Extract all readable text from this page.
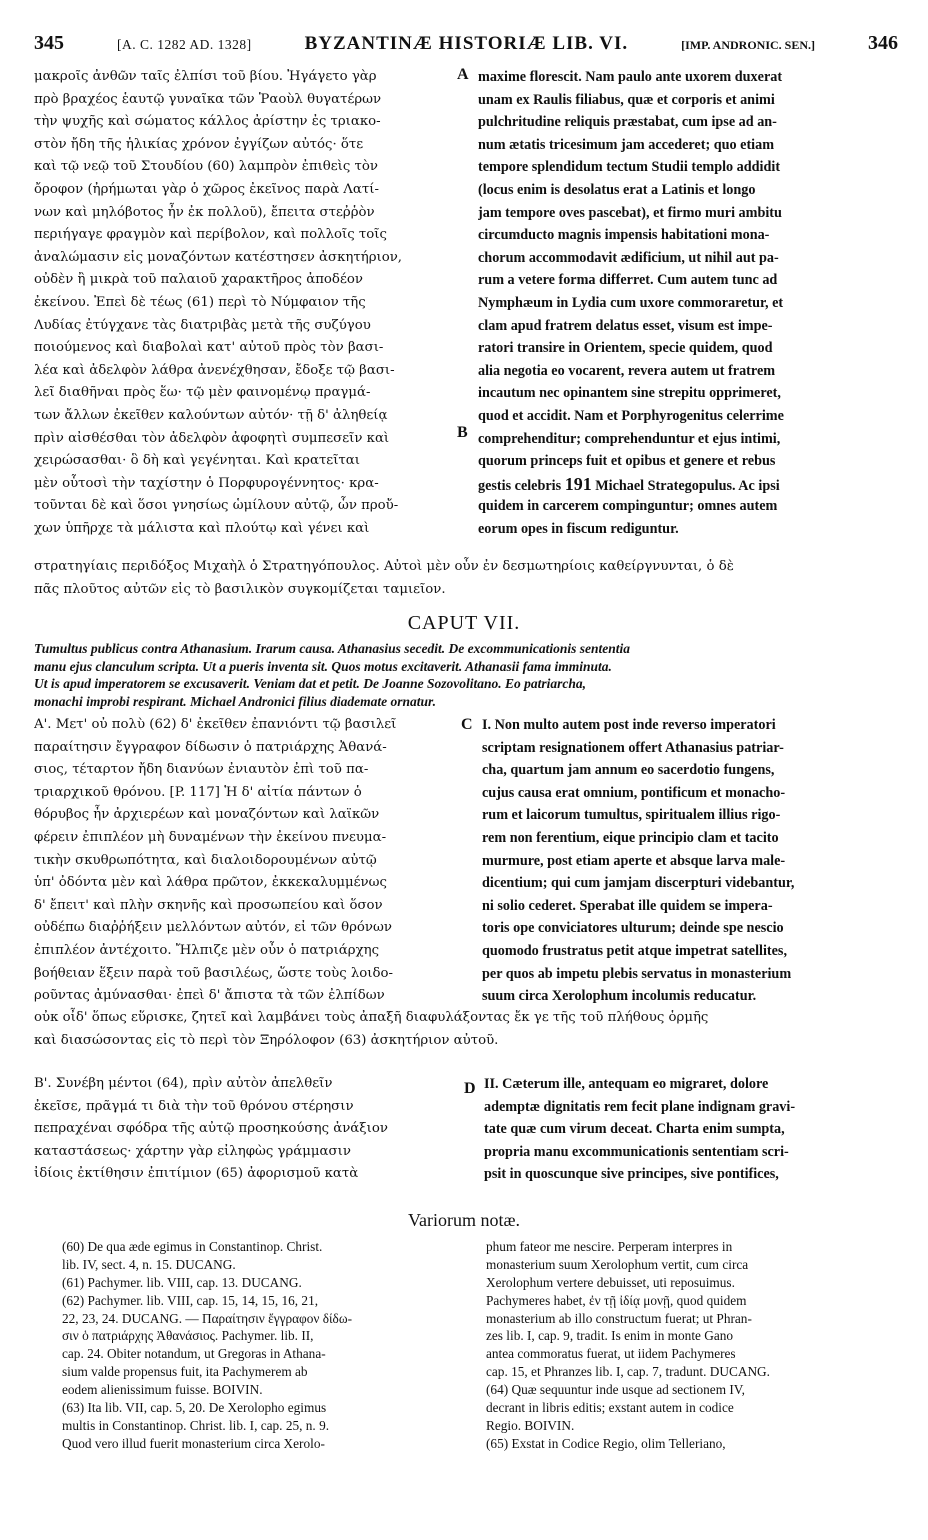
345	[A. C. 1282 AD. 1328]	BYZANTINÆ HISTORIÆ LIB. VI.	[IMP. ANDRONIC. SEN.]	346
μακροῖς ἀνθῶν ταῖς ἐλπίσι τοῦ βίου. Ἠγάγετο γὰρ
πρὸ βραχέος ἑαυτῷ γυναῖκα τῶν Ῥαοὺλ θυγατέρων
τὴν ψυχῆς καὶ σώματος κάλλος ἀρίστην ἐς τριακο-
στὸν ἤδη τῆς ἡλικίας χρόνον ἐγγίζων αὐτός· ὅτε
καὶ τῷ νεῷ τοῦ Στουδίου (60) λαμπρὸν ἐπιθεὶς τὸν
ὄροφον (ἠρήμωται γὰρ ὁ χῶρος ἐκεῖνος παρὰ Λατί-
νων καὶ μηλόβοτος ἦν ἐκ πολλοῦ), ἔπειτα στεῤῥὸν
περιήγαγε φραγμὸν καὶ περίβολον, καὶ πολλοῖς τοῖς
ἀναλώμασιν εἰς μοναζόντων κατέστησεν ἀσκητήριον,
οὐδὲν ἢ μικρὰ τοῦ παλαιοῦ χαρακτῆρος ἀποδέον
ἐκείνου. Ἐπεὶ δὲ τέως (61) περὶ τὸ Νύμφαιον τῆς
Λυδίας ἐτύγχανε τὰς διατριβὰς μετὰ τῆς συζύγου
ποιούμενος καὶ διαβολαὶ κατ' αὐτοῦ πρὸς τὸν βασι-
λέα καὶ ἀδελφὸν λάθρα ἀνενέχθησαν, ἔδοξε τῷ βασι-
λεῖ διαθῆναι πρὸς ἕω· τῷ μὲν φαινομένῳ πραγμά-
των ἄλλων ἐκεῖθεν καλούντων αὐτόν· τῇ δ' ἀληθείᾳ
πρὶν αἰσθέσθαι τὸν ἀδελφὸν ἀφοφητὶ συμπεσεῖν καὶ
χειρώσασθαι· ὃ δὴ καὶ γεγένηται. Καὶ κρατεῖται
μὲν οὗτοσὶ τὴν ταχίστην ὁ Πορφυρογέννητος· κρα-
τοῦνται δὲ καὶ ὅσοι γνησίως ὡμίλουν αὐτῷ, ὧν προὔ-
χων ὑπῆρχε τὰ μάλιστα καὶ πλούτῳ καὶ γένει καὶ
A maxime florescit. Nam paulo ante uxorem duxerat
unam ex Raulis filiabus, quæ et corporis et animi
pulchritudine reliquis præstabat, cum ipse ad an-
num ætatis tricesimum jam accederet; quo etiam
tempore splendidum tectum Studii templo addidit
(locus enim is desolatus erat a Latinis et longo
jam tempore oves pascebat), et firmo muri ambitu
circumducto magnis impensis habitationi mona-
chorum accommodavit ædificium, ut nihil aut pa-
rum a vetere forma differret. Cum autem tunc ad
Nymphæum in Lydia cum uxore commoraretur, et
clam apud fratrem delatus esset, visum est impe-
ratori transire in Orientem, specie quidem, quod
alia negotia eo vocarent, revera autem ut fratrem
incautum nec opinantem sine strepitu opprimeret,
quod et accidit. Nam et Porphyrogenitus celerrime
comprehenditur; comprehenduntur et ejus intimi,
quorum princeps fuit et opibus et genere et rebus
gestis celebris 191 Michael Strategopulus. Ac ipsi
quidem in carcerem compinguntur; omnes autem
eorum opes in fiscum rediguntur.
B
στρατηγίαις περιδόξος Μιχαὴλ ὁ Στρατηγόπουλος. Αὐτοὶ μὲν οὖν ἐν δεσμωτηρίοις καθείργνυνται, ὁ δὲ
πᾶς πλοῦτος αὐτῶν εἰς τὸ βασιλικὸν συγκομίζεται ταμιεῖον.
CAPUT VII.
Tumultus publicus contra Athanasium. Irarum causa. Athanasius secedit. De excommunicationis sententia
manu ejus clanculum scripta. Ut a pueris inventa sit. Quos motus excitaverit. Athanasii fama imminuta.
Ut is apud imperatorem se excusaverit. Veniam dat et petit. De Joanne Sozovolitano. Eo patriarcha,
monachi improbi respirant. Michael Andronici filius diademate ornatur.
Α'. Μετ' οὐ πολὺ (62) δ' ἐκεῖθεν ἐπανιόντι τῷ βασιλεῖ
παραίτησιν ἔγγραφον δίδωσιν ὁ πατριάρχης Ἀθανά-
σιος, τέταρτον ἤδη διανύων ἐνιαυτὸν ἐπὶ τοῦ πα-
τριαρχικοῦ θρόνου. [P. 117] Ἡ δ' αἰτία πάντων ὁ
θόρυβος ἦν ἀρχιερέων καὶ μοναζόντων καὶ λαϊκῶν
φέρειν ἐπιπλέον μὴ δυναμένων τὴν ἐκείνου πνευμα-
τικὴν σκυθρωπότητα, καὶ διαλοιδορουμένων αὐτῷ
ὑπ' ὀδόντα μὲν καὶ λάθρα πρῶτον, ἐκκεκαλυμμένως
δ' ἔπειτ' καὶ πλὴν σκηνῆς καὶ προσωπείου καὶ ὅσον
οὐδέπω διαῤῥήξειν μελλόντων αὐτόν, εἰ τῶν θρόνων
ἐπιπλέον ἀντέχοιτο. Ἤλπιζε μὲν οὖν ὁ πατριάρχης
βοήθειαν ἕξειν παρὰ τοῦ βασιλέως, ὥστε τοὺς λοιδο-
ροῦντας ἀμύνασθαι· ἐπεὶ δ' ἄπιστα τὰ τῶν ἐλπίδων
C I. Non multo autem post inde reverso imperatori
scriptam resignationem offert Athanasius patriar-
cha, quartum jam annum eo sacerdotio fungens,
cujus causa erat omnium, pontificum et monacho-
rum et laicorum tumultus, spiritualem illius rigo-
rem non ferentium, eique principio clam et tacito
murmure, post etiam aperte et absque larva male-
dicentium; qui cum jamjam discerpturi videbantur,
ni solio cederet. Sperabat ille quidem se impera-
toris ope conviciatores ulturum; deinde spe nescio
quomodo frustratus petit atque impetrat satellites,
per quos ab impetu plebis servatus in monasterium
suum circa Xerolophum incolumis reducatur.
οὐκ οἶδ' ὅπως εὕρισκε, ζητεῖ καὶ λαμβάνει τοὺς ἀπαξῆ διαφυλάξοντας ἔκ γε τῆς τοῦ πλήθους ὁρμῆς
καὶ διασώσοντας εἰς τὸ περὶ τὸν Ξηρόλοφον (63) ἀσκητήριον αὐτοῦ.
Β'. Συνέβη μέντοι (64), πρὶν αὐτὸν ἀπελθεῖν
ἐκεῖσε, πρᾶγμά τι διὰ τὴν τοῦ θρόνου στέρησιν
πεπραχέναι σφόδρα τῆς αὐτῷ προσηκούσης ἀνάξιον
καταστάσεως· χάρτην γὰρ εἰληφὼς γράμμασιν
ἰδίοις ἐκτίθησιν ἐπιτίμιον (65) ἀφορισμοῦ κατὰ
D II. Cæterum ille, antequam eo migraret, dolore
ademptæ dignitatis rem fecit plane indignam gravi-
tate quæ cum virum deceat. Charta enim sumpta,
propria manu excommunicationis sententiam scri-
psit in quoscunque sive principes, sive pontifices,
Variorum notæ.
(60) De qua æde egimus in Constantinop. Christ.
lib. IV, sect. 4, n. 15. DUCANG.
(61) Pachymer. lib. VIII, cap. 13. DUCANG.
(62) Pachymer. lib. VIII, cap. 15, 14, 15, 16, 21,
22, 23, 24. DUCANG. — Παραίτησιν ἔγγραφον δίδω-
σιν ὁ πατριάρχης Ἀθανάσιος. Pachymer. lib. II,
cap. 24. Obiter notandum, ut Gregoras in Athana-
sium valde propensus fuit, ita Pachymerem ab
eodem alienissimum fuisse. BOIVIN.
(63) Ita lib. VII, cap. 5, 20. De Xerolopho egimus
multis in Constantinop. Christ. lib. I, cap. 25, n. 9.
Quod vero illud fuerit monasterium circa Xerolo-
phum fateor me nescire. Perperam interpres in
monasterium suum Xerolophum vertit, cum circa
Xerolophum vertere debuisset, uti reposuimus.
Pachymeres habet, ἐν τῇ ἰδίᾳ μονῇ, quod quidem
monasterium ab illo constructum fuerat; ut Phran-
zes lib. I, cap. 9, tradit. Is enim in monte Gano
antea commoratus fuerat, ut iidem Pachymeres
cap. 15, et Phranzes lib. I, cap. 7, tradunt. DUCANG.
(64) Quæ sequuntur inde usque ad sectionem IV,
decrant in libris editis; exstant autem in codice
Regio. BOIVIN.
(65) Exstat in Codice Regio, olim Telleriano,
